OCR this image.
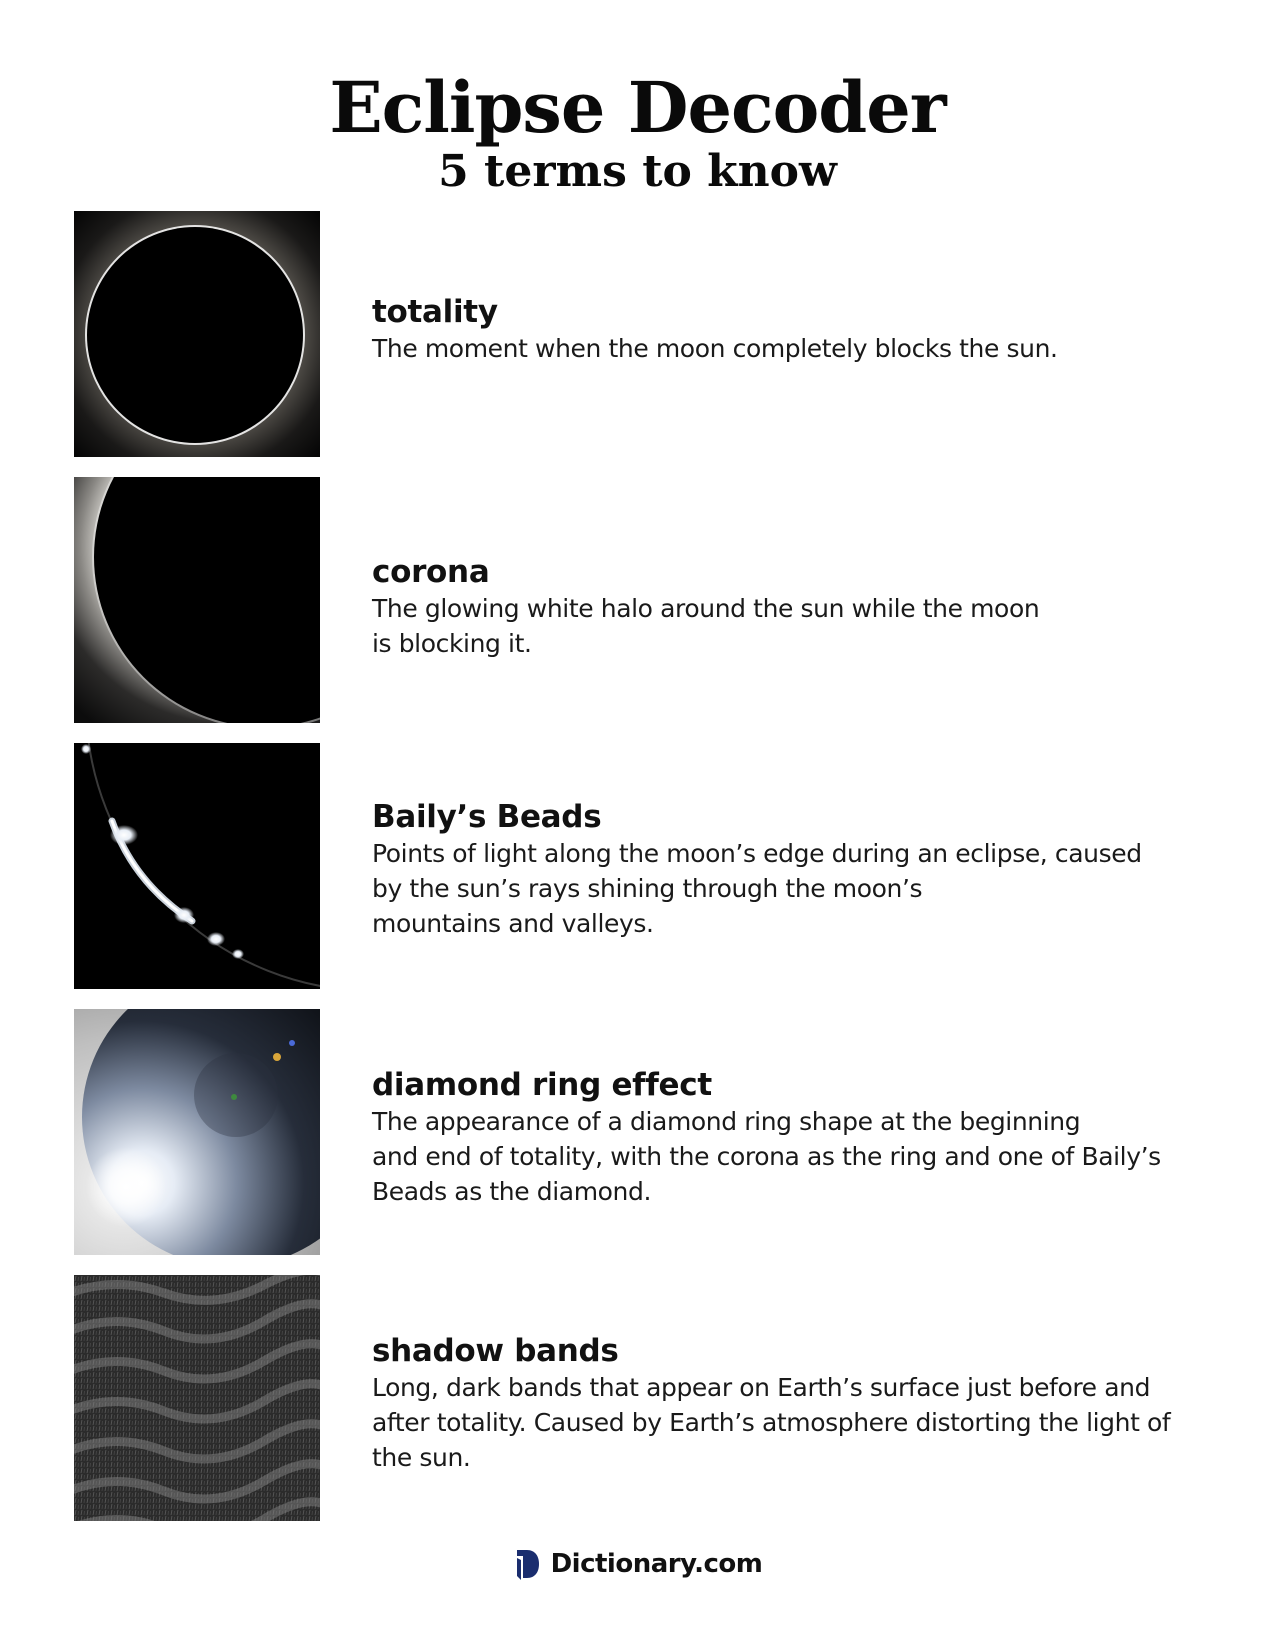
Eclipse Decoder
5 terms to know
totality
The moment when the moon completely blocks the sun.
corona
The glowing white halo around the sun while the moon
is blocking it.
Baily’s Beads
Points of light along the moon’s edge during an eclipse, caused
by the sun’s rays shining through the moon’s
mountains and valleys.
diamond ring effect
The appearance of a diamond ring shape at the beginning
and end of totality, with the corona as the ring and one of Baily’s
Beads as the diamond.
shadow bands
Long, dark bands that appear on Earth’s surface just before and
after totality. Caused by Earth’s atmosphere distorting the light of
the sun.
Dictionary.com
